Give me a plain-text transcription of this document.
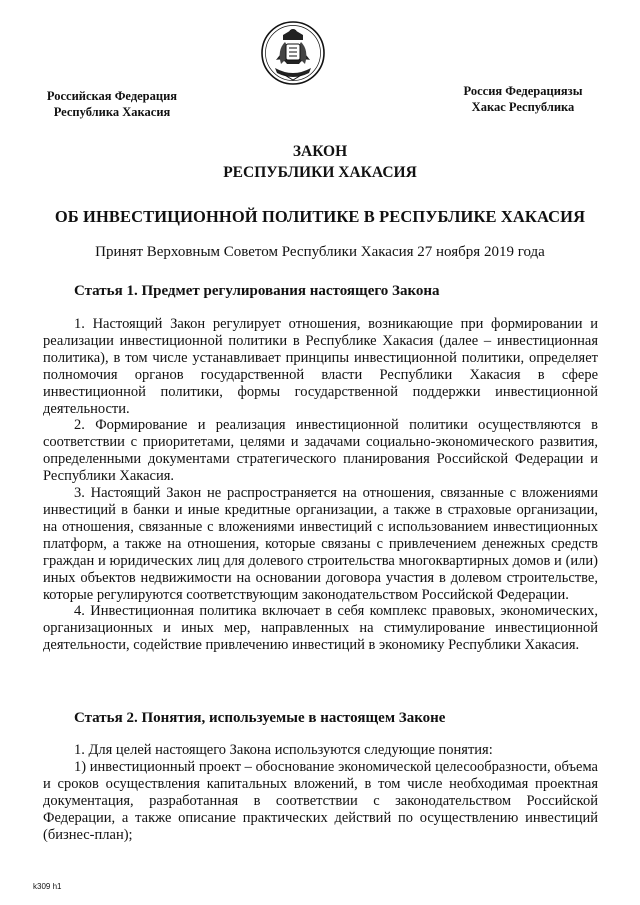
Российская Федерация
Республика Хакасия
Россия Федерациязы
Хакас Республика
ЗАКОН
РЕСПУБЛИКИ ХАКАСИЯ
ОБ ИНВЕСТИЦИОННОЙ ПОЛИТИКЕ В РЕСПУБЛИКЕ ХАКАСИЯ
Принят Верховным Советом Республики Хакасия 27 ноября 2019 года
Статья 1. Предмет регулирования настоящего Закона

1. Настоящий Закон регулирует отношения, возникающие при формировании и реализации инвестиционной политики в Республике Хакасия (далее – инвестиционная политика), в том числе устанавливает принципы инвестиционной политики, определяет полномочия органов государственной власти Республики Хакасия в сфере инвестиционной политики, формы государственной поддержки инвестиционной деятельности.

2. Формирование и реализация инвестиционной политики осуществляются в соответствии с приоритетами, целями и задачами социально-экономического развития, определенными документами стратегического планирования Российской Федерации и Республики Хакасия.

3. Настоящий Закон не распространяется на отношения, связанные с вложениями инвестиций в банки и иные кредитные организации, а также в страховые организации, на отношения, связанные с вложениями инвестиций с использованием инвестиционных платформ, а также на отношения, которые связаны с привлечением денежных средств граждан и юридических лиц для долевого строительства многоквартирных домов и (или) иных объектов недвижимости на основании договора участия в долевом строительстве, которые регулируются соответствующим законодательством Российской Федерации.

4. Инвестиционная политика включает в себя комплекс правовых, экономических, организационных и иных мер, направленных на стимулирование инвестиционной деятельности, содействие привлечению инвестиций в экономику Республики Хакасия.

Статья 2. Понятия, используемые в настоящем Законе

1. Для целей настоящего Закона используются следующие понятия:

1) инвестиционный проект – обоснование экономической целесообразности, объема и сроков осуществления капитальных вложений, в том числе необходимая проектная документация, разработанная в соответствии с законодательством Российской Федерации, а также описание практических действий по осуществлению инвестиций (бизнес-план);

k309 h1
